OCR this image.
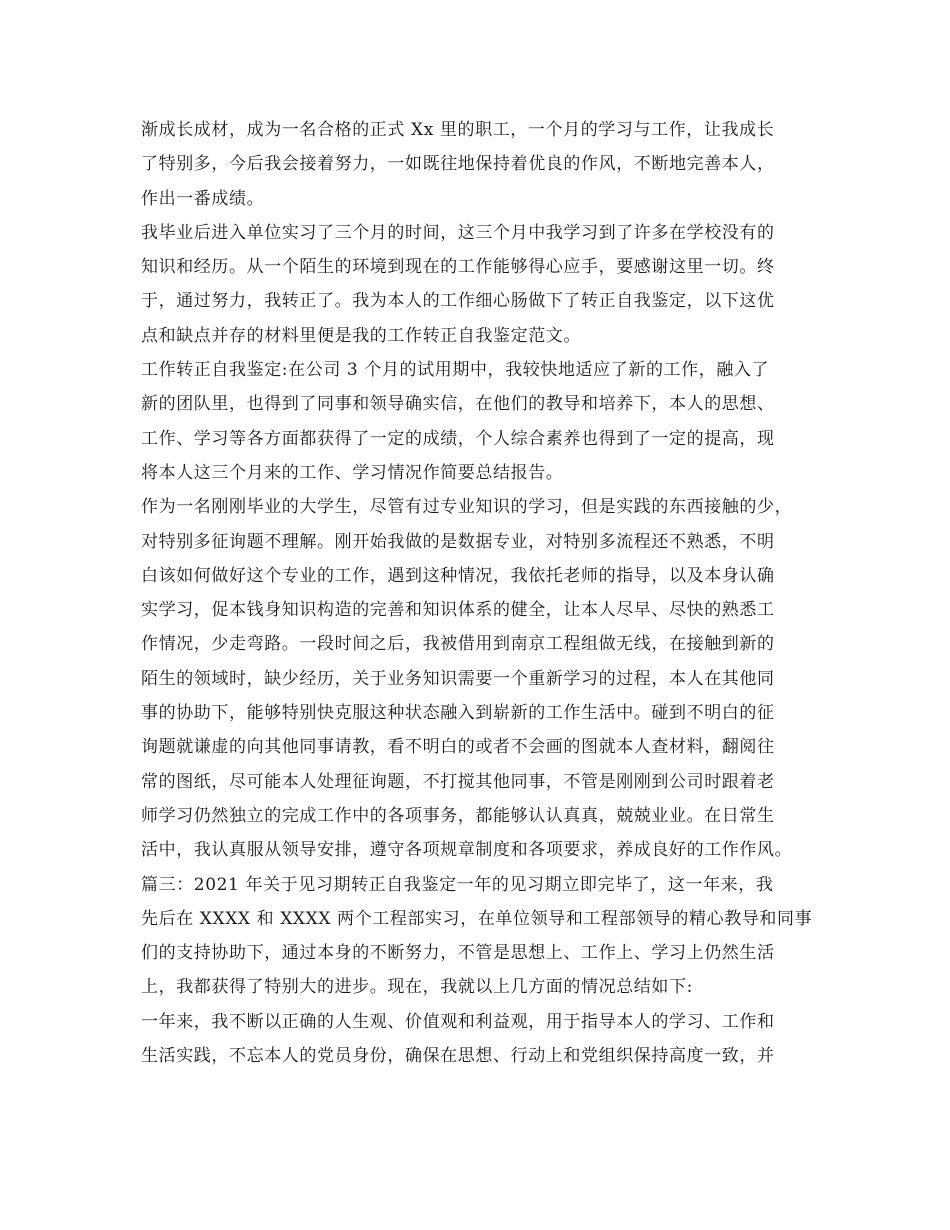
渐成长成材，成为一名合格的正式 Xx 里的职工，一个月的学习与工作，让我成长
了特别多，今后我会接着努力，一如既往地保持着优良的作风，不断地完善本人，
作出一番成绩。
我毕业后进入单位实习了三个月的时间，这三个月中我学习到了许多在学校没有的
知识和经历。从一个陌生的环境到现在的工作能够得心应手，要感谢这里一切。终
于，通过努力，我转正了。我为本人的工作细心肠做下了转正自我鉴定，以下这优
点和缺点并存的材料里便是我的工作转正自我鉴定范文。
工作转正自我鉴定:在公司 3 个月的试用期中，我较快地适应了新的工作，融入了
新的团队里，也得到了同事和领导确实信，在他们的教导和培养下，本人的思想、
工作、学习等各方面都获得了一定的成绩，个人综合素养也得到了一定的提高，现
将本人这三个月来的工作、学习情况作简要总结报告。
作为一名刚刚毕业的大学生，尽管有过专业知识的学习，但是实践的东西接触的少，
对特别多征询题不理解。刚开始我做的是数据专业，对特别多流程还不熟悉，不明
白该如何做好这个专业的工作，遇到这种情况，我依托老师的指导，以及本身认确
实学习，促本钱身知识构造的完善和知识体系的健全，让本人尽早、尽快的熟悉工
作情况，少走弯路。一段时间之后，我被借用到南京工程组做无线，在接触到新的
陌生的领域时，缺少经历，关于业务知识需要一个重新学习的过程，本人在其他同
事的协助下，能够特别快克服这种状态融入到崭新的工作生活中。碰到不明白的征
询题就谦虚的向其他同事请教，看不明白的或者不会画的图就本人查材料，翻阅往
常的图纸，尽可能本人处理征询题，不打搅其他同事，不管是刚刚到公司时跟着老
师学习仍然独立的完成工作中的各项事务，都能够认认真真，兢兢业业。在日常生
活中，我认真服从领导安排，遵守各项规章制度和各项要求，养成良好的工作作风。
篇三：2021 年关于见习期转正自我鉴定一年的见习期立即完毕了，这一年来，我
先后在 XXXX 和 XXXX 两个工程部实习，在单位领导和工程部领导的精心教导和同事
们的支持协助下，通过本身的不断努力，不管是思想上、工作上、学习上仍然生活
上，我都获得了特别大的进步。现在，我就以上几方面的情况总结如下:
一年来，我不断以正确的人生观、价值观和利益观，用于指导本人的学习、工作和
生活实践，不忘本人的党员身份，确保在思想、行动上和党组织保持高度一致，并
